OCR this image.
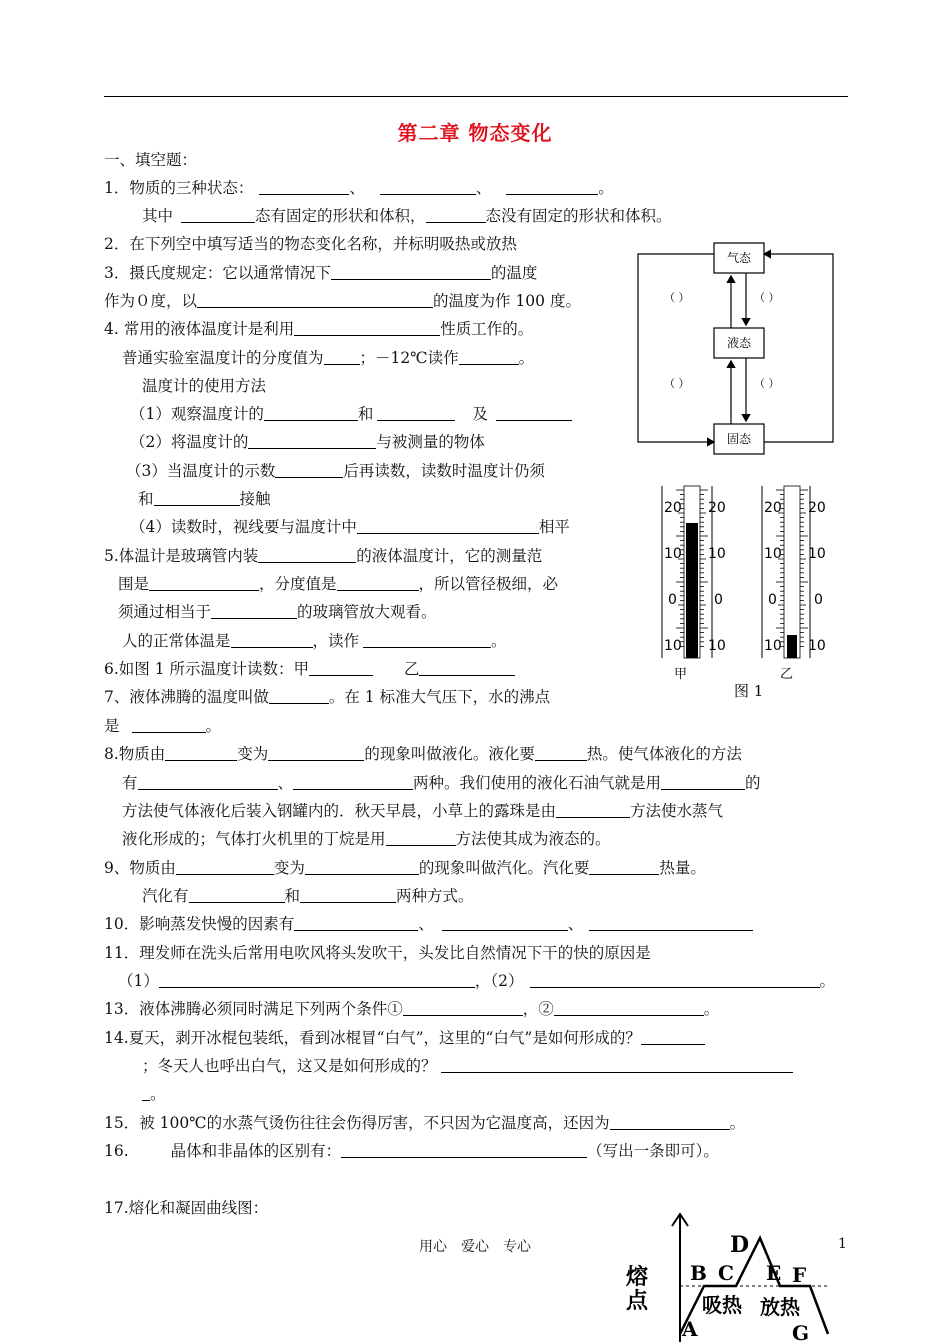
第二章 物态变化
一、填空题：
1．物质的三种状态：	、	、	。
其中	态有固定的形状和体积，	态没有固定的形状和体积。
2．在下列空中填写适当的物态变化名称，并标明吸热或放热
3．摄氏度规定：它以通常情况下	的温度
作为０度，以	的温度为作 100 度。
4. 常用的液体温度计是利用	性质工作的。
普通实验室温度计的分度值为 ；－12℃读作	。
温度计的使用方法
（1）观察温度计的	和	及
（2）将温度计的	与被测量的物体
（3）当温度计的示数	后再读数，读数时温度计仍须
和	接触
（4）读数时，视线要与温度计中	相平
5.体温计是玻璃管内装	的液体温度计，它的测量范
围是	，分度值是	，所以管径极细，必
须通过相当于	的玻璃管放大观看。
人的正常体温是	，读作	。
6.如图 1 所示温度计读数：甲	乙
7、液体沸腾的温度叫做	。在 1 标准大气压下，水的沸点
是	。
8.物质由	变为	的现象叫做液化。液化要	热。使气体液化的方法
有	、	两种。我们使用的液化石油气就是用	的
方法使气体液化后装入钢罐内的．秋天早晨，小草上的露珠是由	方法使水蒸气
液化形成的；气体打火机里的丁烷是用	方法使其成为液态的。
9、物质由	变为	的现象叫做汽化。汽化要	热量。
汽化有	和	两种方式。
10．影响蒸发快慢的因素有	、	、
11．理发师在洗头后常用电吹风将头发吹干，头发比自然情况下干的快的原因是
（1）	，（2）	。
13．液体沸腾必须同时满足下列两个条件①	，②	。
14.夏天，剥开冰棍包装纸，看到冰棍冒“白气”，这里的“白气”是如何形成的？
；冬天人也呼出白气，这又是如何形成的？
。
15．被 100℃的水蒸气烫伤往往会伤得厉害，不只因为它温度高，还因为	。
16.	晶体和非晶体的区别有：	（写出一条即可）。
17.熔化和凝固曲线图：
气态
液态
固态
（ ）	（ ）
（ ）	（ ）
20
10
0
10
20
10
0
10
甲
20
10
0
10
20
10
0
10
乙
图 1
熔
点
A
B C
D
E F
G
吸热 放热
用心　爱心　专心	1
